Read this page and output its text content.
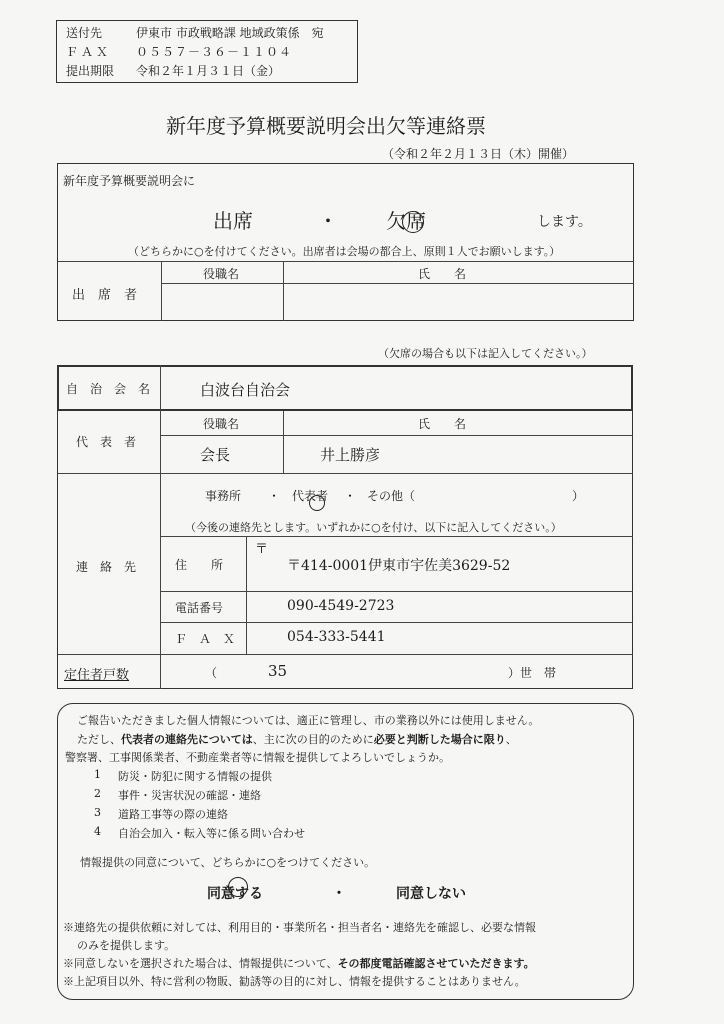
送付先	伊東市 市政戦略課 地域政策係　宛
ＦＡＸ ０５５７－３６－１１０４
提出期限 令和２年１月３１日（金）
新年度予算概要説明会出欠等連絡票
（令和２年２月１３日（木）開催）
新年度予算概要説明会に
出席	・ 欠席	します。
（どちらかに○を付けてください。出席者は会場の都合上、原則１人でお願いします。）
出　席　者
役職名	氏　　名
（欠席の場合も以下は記入してください。）
自　治　会　名	白波台自治会
代　表　者
役職名	氏　　名
会長	井上勝彦
連　絡　先
事務所 ・ 代表者 ・ その他（	）
（今後の連絡先とします。いずれかに○を付け、以下に記入してください。）
住　　所
〒
〒414-0001伊東市宇佐美3629-52
電話番号	090-4549-2723
ＦＡＸ	054-333-5441
定住者戸数	（	35	）世　帯
ご報告いただきました個人情報については、適正に管理し、市の業務以外には使用しません。
ただし、代表者の連絡先については、主に次の目的のために必要と判断した場合に限り、
警察署、工事関係業者、不動産業者等に情報を提供してよろしいでしょうか。
1 防災・防犯に関する情報の提供
2 事件・災害状況の確認・連絡
3 道路工事等の際の連絡
4 自治会加入・転入等に係る問い合わせ
情報提供の同意について、どちらかに○をつけてください。
同意する	・	同意しない
※連絡先の提供依頼に対しては、利用目的・事業所名・担当者名・連絡先を確認し、必要な情報
のみを提供します。
※同意しないを選択された場合は、情報提供について、その都度電話確認させていただきます。
※上記項目以外、特に営利の物販、勧誘等の目的に対し、情報を提供することはありません。
